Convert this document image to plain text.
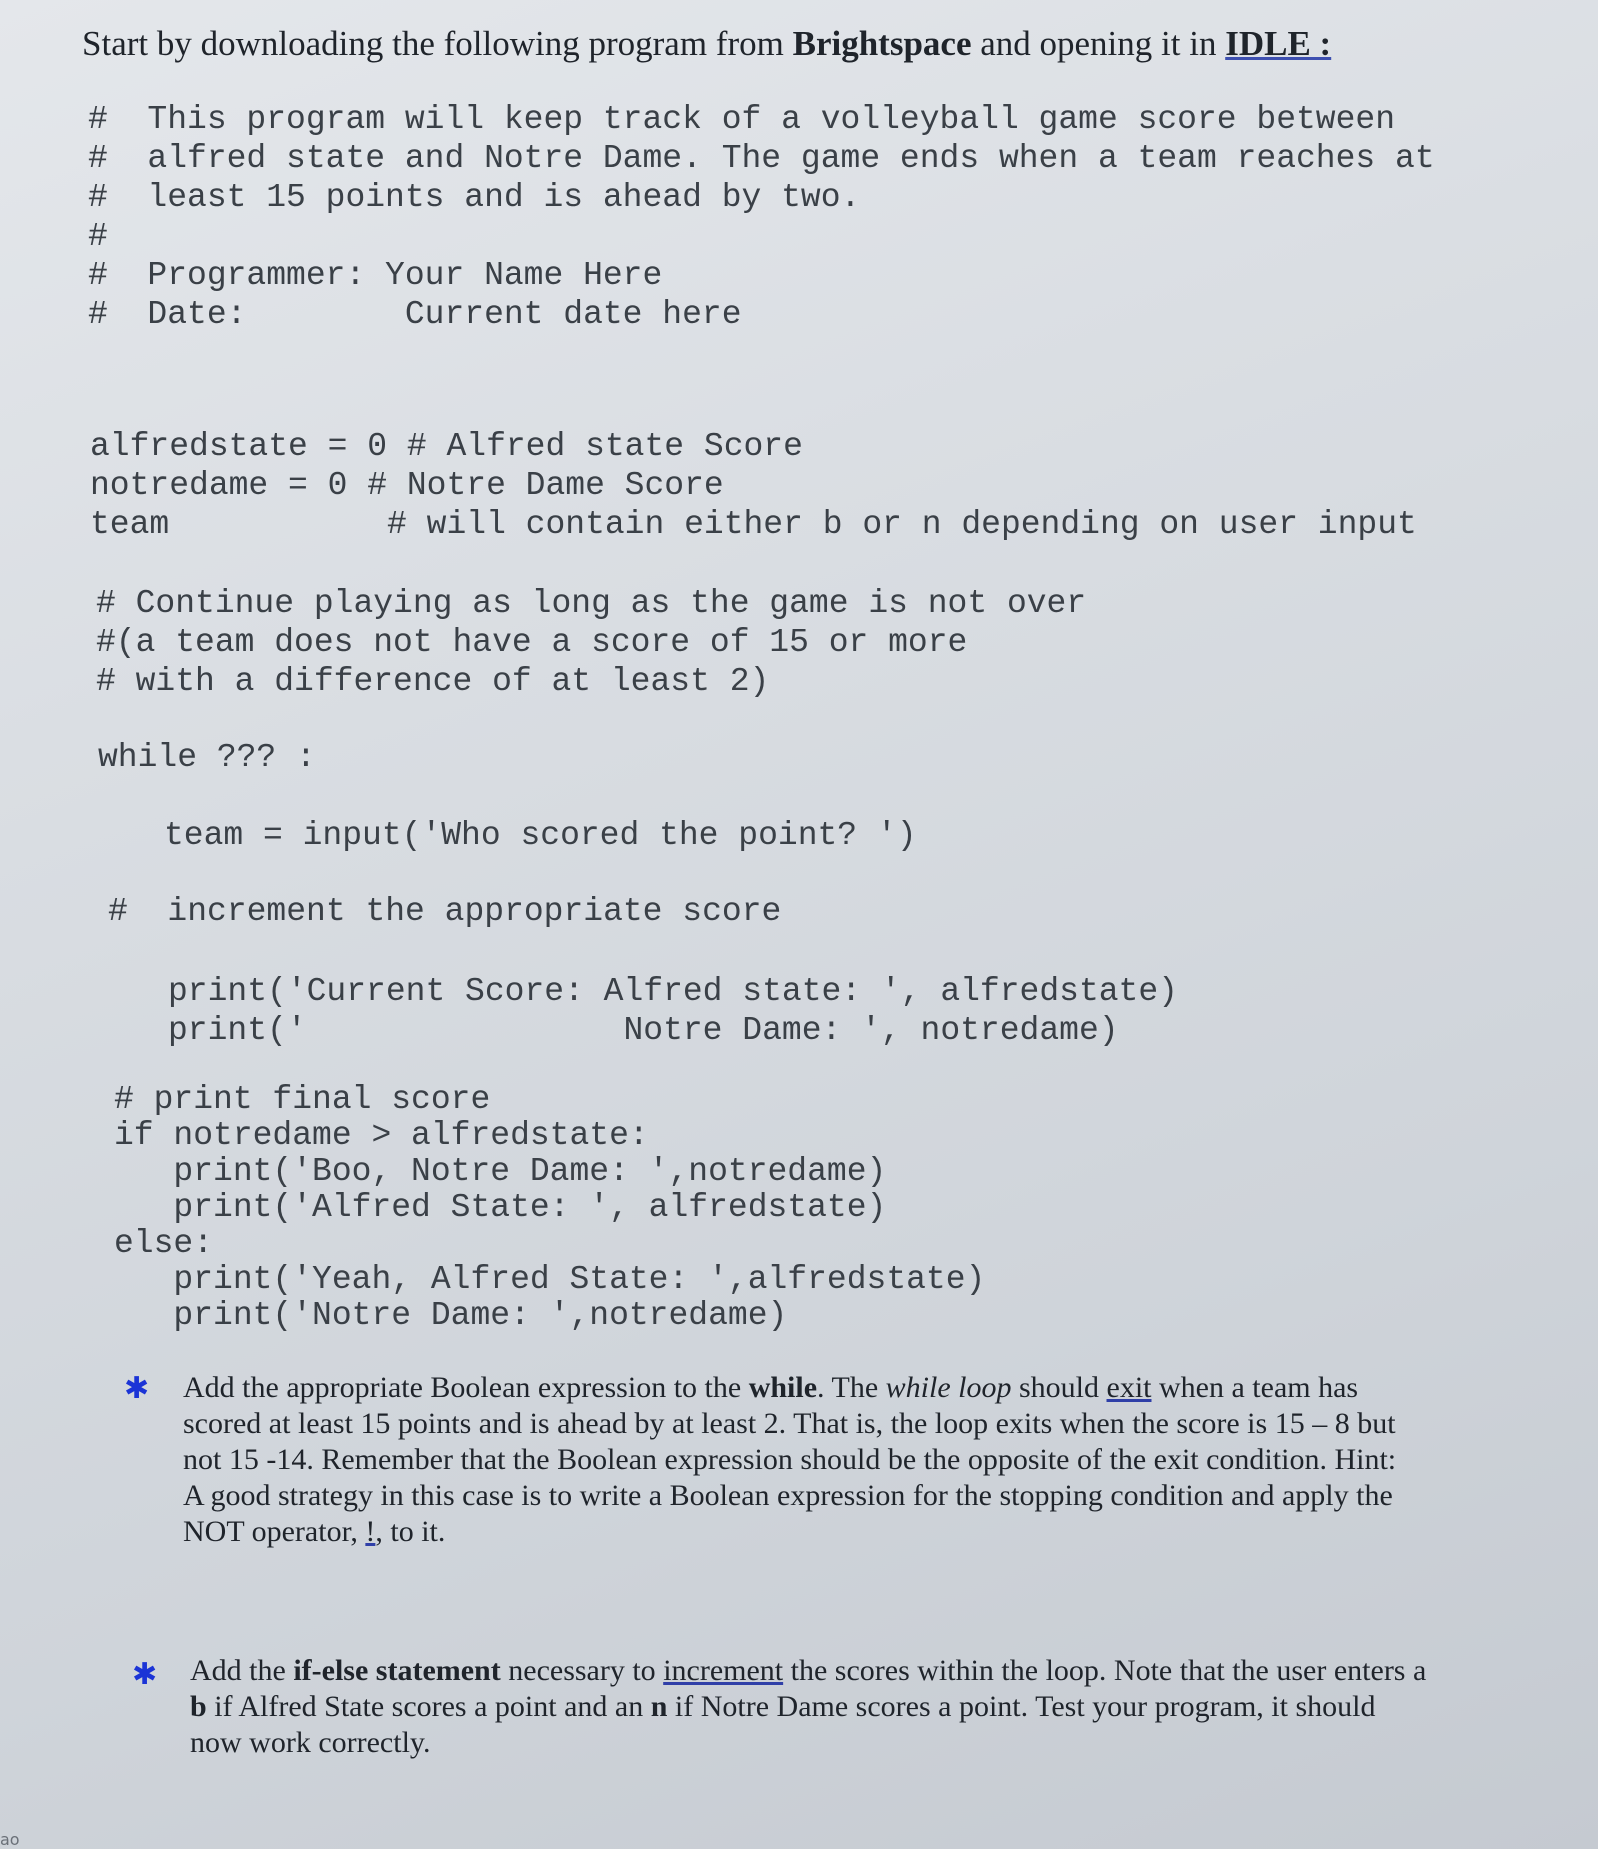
Start by downloading the following program from Brightspace and opening it in IDLE :
#  This program will keep track of a volleyball game score between
#  alfred state and Notre Dame. The game ends when a team reaches at
#  least 15 points and is ahead by two.
#
#  Programmer: Your Name Here
#  Date:        Current date here
alfredstate = 0 # Alfred state Score
notredame = 0 # Notre Dame Score
team           # will contain either b or n depending on user input
# Continue playing as long as the game is not over
#(a team does not have a score of 15 or more
# with a difference of at least 2)
while ??? :
team = input('Who scored the point? ')
#  increment the appropriate score
print('Current Score: Alfred state: ', alfredstate)
print('                Notre Dame: ', notredame)
# print final score
if notredame > alfredstate:
print('Boo, Notre Dame: ',notredame)
print('Alfred State: ', alfredstate)
else:
print('Yeah, Alfred State: ',alfredstate)
print('Notre Dame: ',notredame)
✱ Add the appropriate Boolean expression to the while. The while loop should exit when a team has
scored at least 15 points and is ahead by at least 2. That is, the loop exits when the score is 15 – 8 but
not 15 -14. Remember that the Boolean expression should be the opposite of the exit condition. Hint:
A good strategy in this case is to write a Boolean expression for the stopping condition and apply the
NOT operator, !, to it.
✱ Add the if-else statement necessary to increment the scores within the loop. Note that the user enters a
b if Alfred State scores a point and an n if Notre Dame scores a point. Test your program, it should
now work correctly.
ao
